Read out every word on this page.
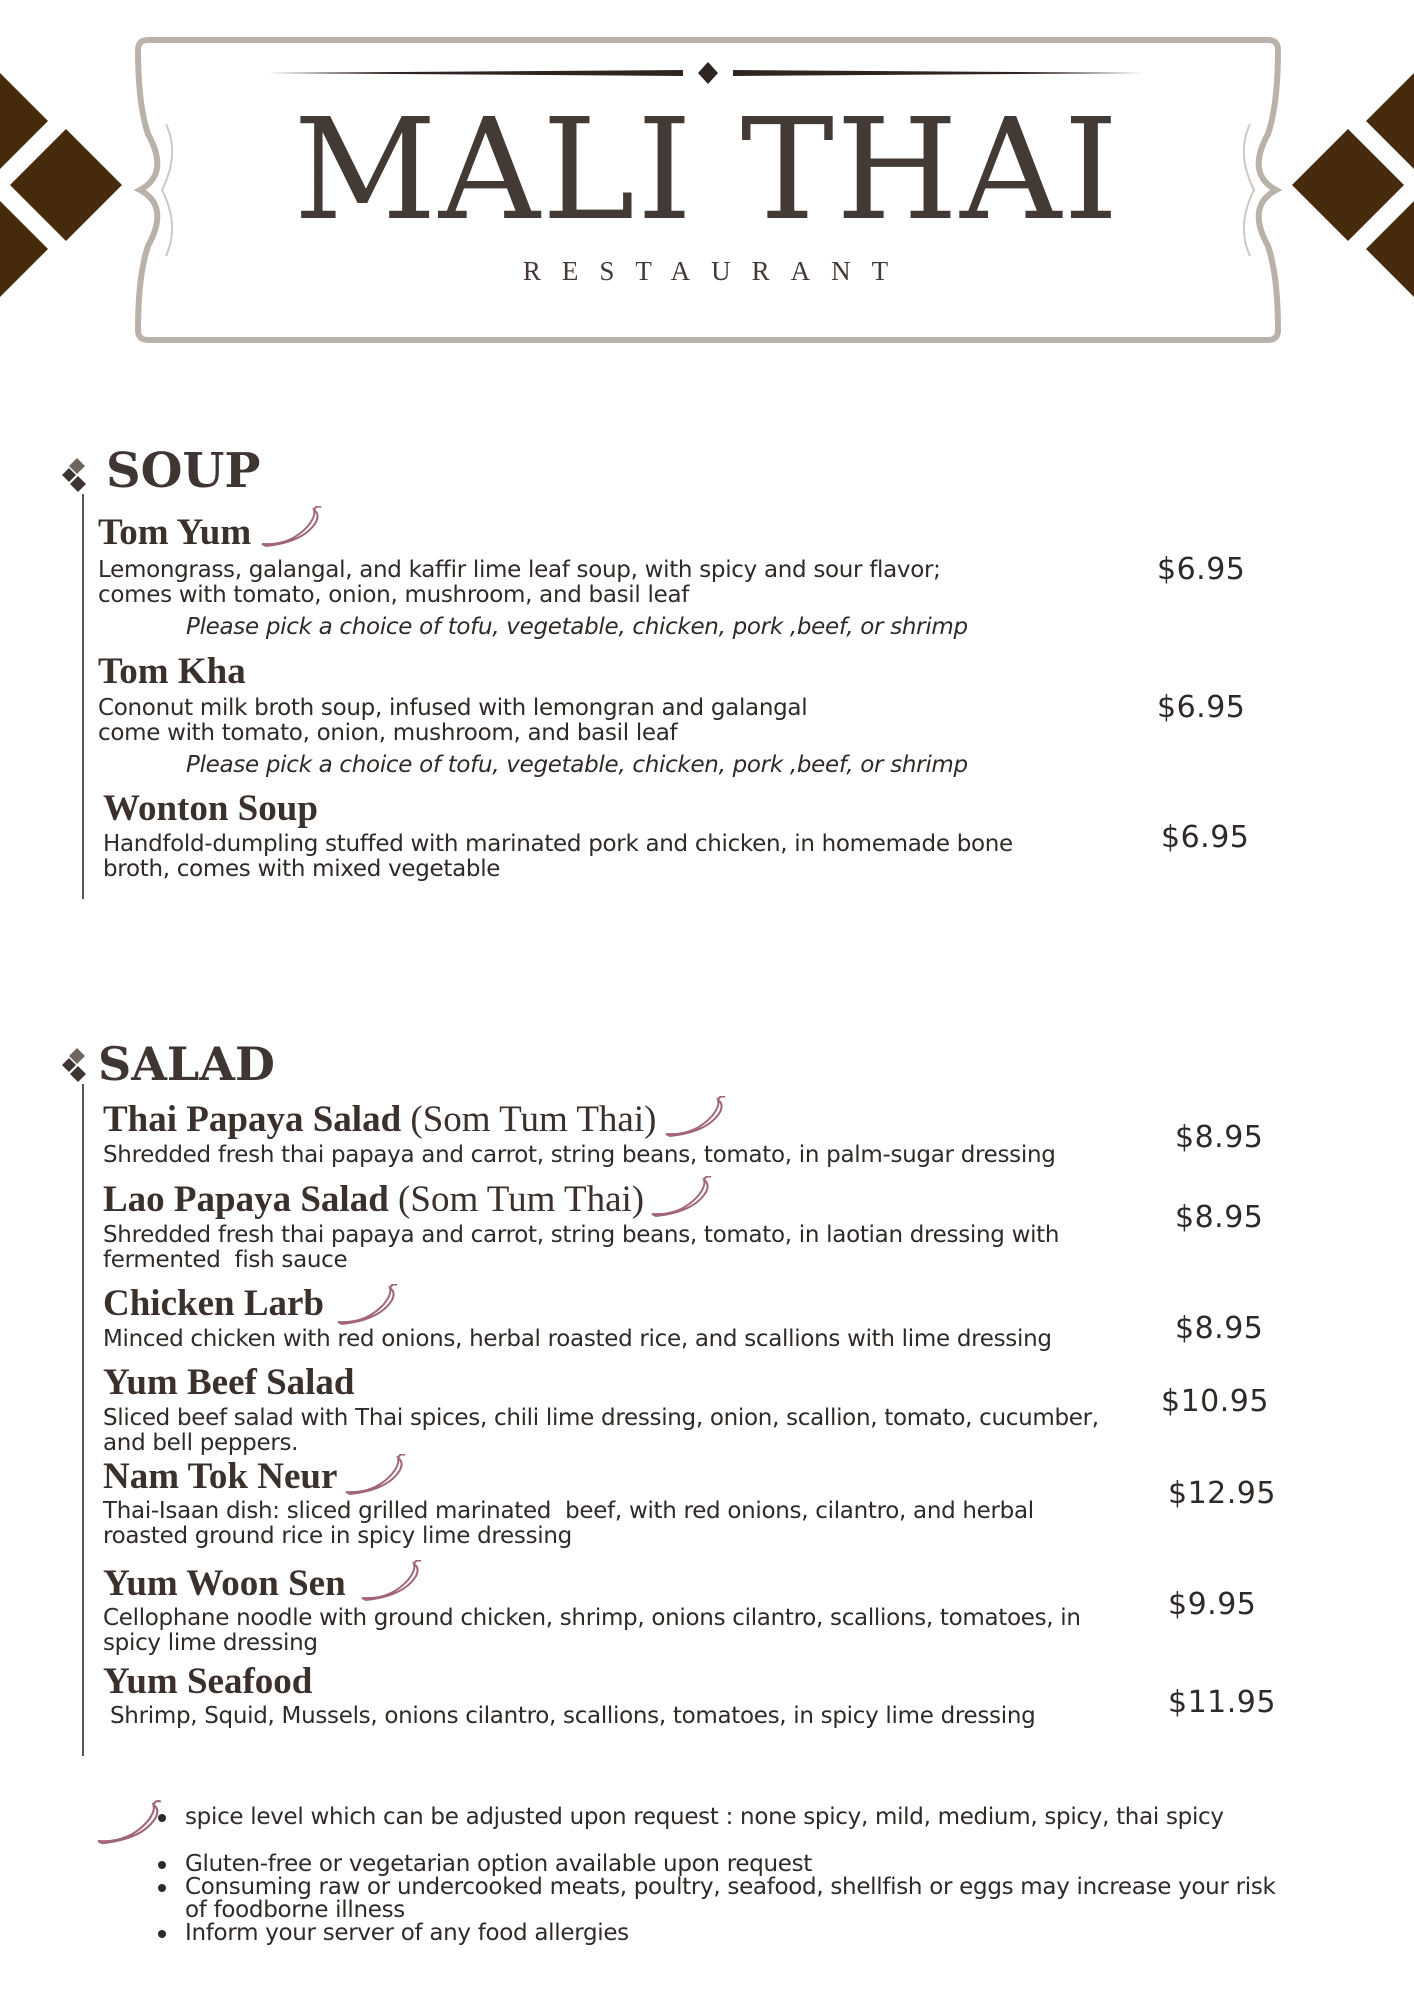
MALI THAI
RESTAURANT
SOUP
Tom Yum
Lemongrass, galangal, and kaffir lime leaf soup, with spicy and sour flavor;
comes with tomato, onion, mushroom, and basil leaf
Please pick a choice of tofu, vegetable, chicken, pork ,beef, or shrimp
$6.95
Tom Kha
Cononut milk broth soup, infused with lemongran and galangal
come with tomato, onion, mushroom, and basil leaf
Please pick a choice of tofu, vegetable, chicken, pork ,beef, or shrimp
$6.95
Wonton Soup
Handfold-dumpling stuffed with marinated pork and chicken, in homemade bone
broth, comes with mixed vegetable
$6.95
SALAD
Thai Papaya Salad (Som Tum Thai)
Shredded fresh thai papaya and carrot, string beans, tomato, in palm-sugar dressing	$8.95
Lao Papaya Salad (Som Tum Thai)
Shredded fresh thai papaya and carrot, string beans, tomato, in laotian dressing with
fermented  fish sauce
$8.95
Chicken Larb
Minced chicken with red onions, herbal roasted rice, and scallions with lime dressing	$8.95
Yum Beef Salad
Sliced beef salad with Thai spices, chili lime dressing, onion, scallion, tomato, cucumber,
and bell peppers.
$10.95
Nam Tok Neur
Thai-Isaan dish: sliced grilled marinated  beef, with red onions, cilantro, and herbal
roasted ground rice in spicy lime dressing
$12.95
Yum Woon Sen
Cellophane noodle with ground chicken, shrimp, onions cilantro, scallions, tomatoes, in
spicy lime dressing
$9.95
Yum Seafood
Shrimp, Squid, Mussels, onions cilantro, scallions, tomatoes, in spicy lime dressing	$11.95
spice level which can be adjusted upon request : none spicy, mild, medium, spicy, thai spicy
Gluten-free or vegetarian option available upon request
Consuming raw or undercooked meats, poultry, seafood, shellfish or eggs may increase your risk
of foodborne illness
Inform your server of any food allergies
